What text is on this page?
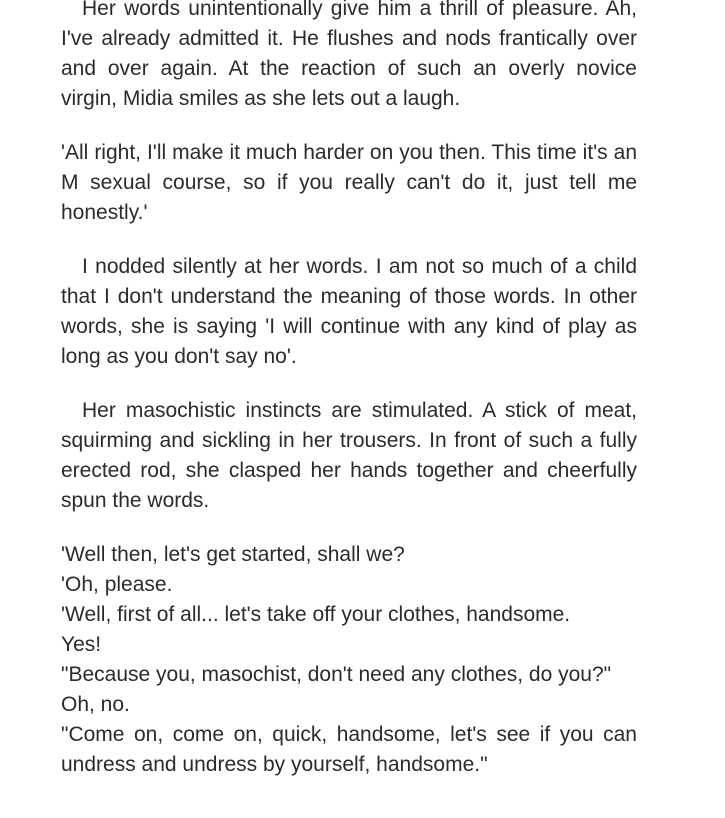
Her words unintentionally give him a thrill of pleasure. Ah, I've already admitted it. He flushes and nods frantically over and over again. At the reaction of such an overly novice virgin, Midia smiles as she lets out a laugh.

'All right, I'll make it much harder on you then. This time it's an M sexual course, so if you really can't do it, just tell me honestly.'

I nodded silently at her words. I am not so much of a child that I don't understand the meaning of those words. In other words, she is saying 'I will continue with any kind of play as long as you don't say no'.

Her masochistic instincts are stimulated. A stick of meat, squirming and sickling in her trousers. In front of such a fully erected rod, she clasped her hands together and cheerfully spun the words.

'Well then, let's get started, shall we?

'Oh, please.

'Well, first of all... let's take off your clothes, handsome.

Yes!

"Because you, masochist, don't need any clothes, do you?"

Oh, no.

"Come on, come on, quick, handsome, let's see if you can undress and undress by yourself, handsome."
